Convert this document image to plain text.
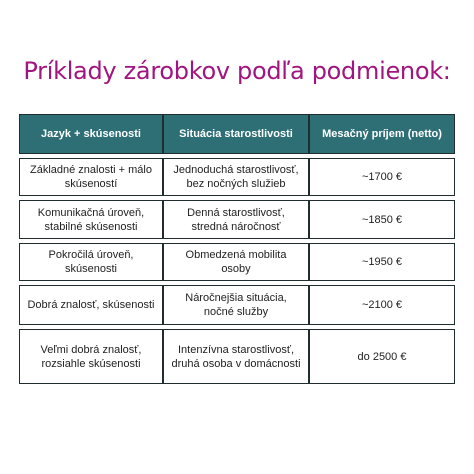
Príklady zárobkov podľa podmienok:
Jazyk + skúsenosti	Situácia starostlivosti	Mesačný príjem (netto)

Základné znalosti + málo skúseností	Jednoduchá starostlivosť, bez nočných služieb	~1700 €

Komunikačná úroveň, stabilné skúsenosti	Denná starostlivosť, stredná náročnosť	~1850 €

Pokročilá úroveň, skúsenosti	Obmedzená mobilita osoby	~1950 €

Dobrá znalosť, skúsenosti	Náročnejšia situácia, nočné služby	~2100 €

Veľmi dobrá znalosť, rozsiahle skúsenosti	Intenzívna starostlivosť, druhá osoba v domácnosti	do 2500 €
